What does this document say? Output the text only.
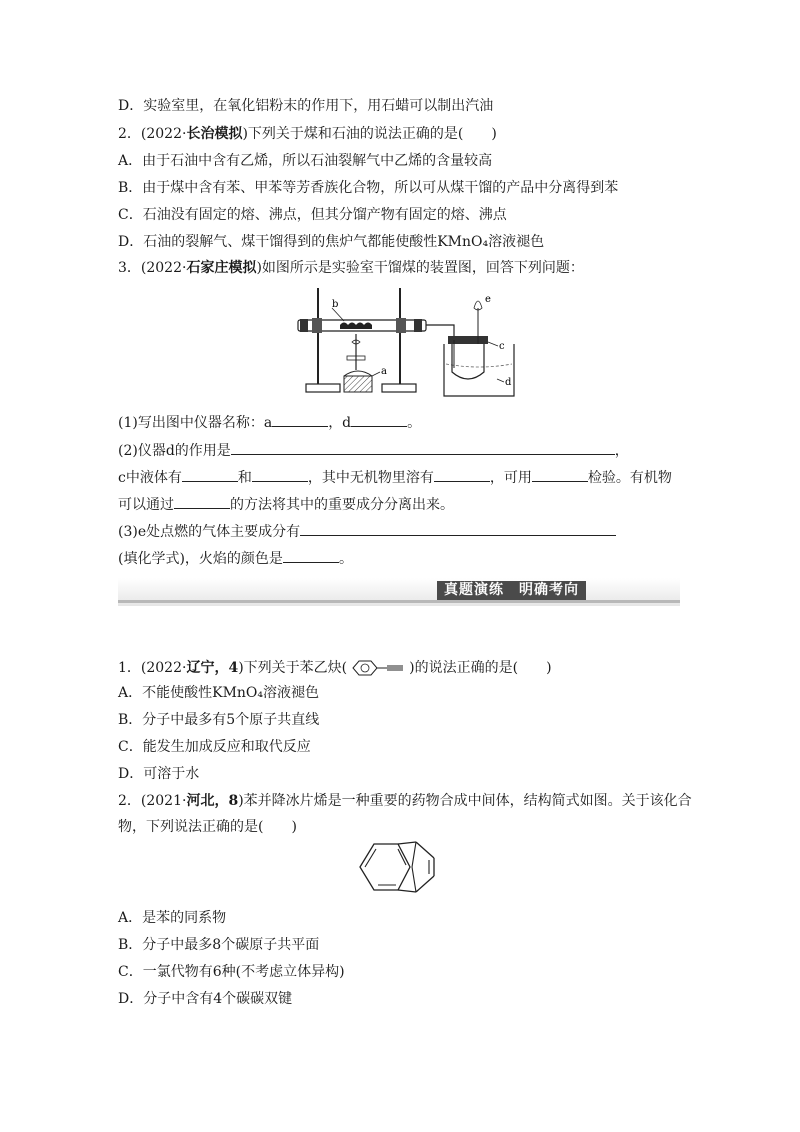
D．实验室里，在氧化铝粉末的作用下，用石蜡可以制出汽油
2．(2022·长治模拟)下列关于煤和石油的说法正确的是(　　)
A．由于石油中含有乙烯，所以石油裂解气中乙烯的含量较高
B．由于煤中含有苯、甲苯等芳香族化合物，所以可从煤干馏的产品中分离得到苯
C．石油没有固定的熔、沸点，但其分馏产物有固定的熔、沸点
D．石油的裂解气、煤干馏得到的焦炉气都能使酸性KMnO₄溶液褪色
3．(2022·石家庄模拟)如图所示是实验室干馏煤的装置图，回答下列问题：
b
a
e
c
d
(1)写出图中仪器名称：a	，d	。
(2)仪器d的作用是	，
c中液体有	和	，其中无机物里溶有	，可用	检验。有机物
可以通过	的方法将其中的重要成分分离出来。
(3)e处点燃的气体主要成分有
(填化学式)，火焰的颜色是	。
真题演练　明确考向
1．(2022·辽宁，4)下列关于苯乙炔(	)的说法正确的是(　　)
A．不能使酸性KMnO₄溶液褪色
B．分子中最多有5个原子共直线
C．能发生加成反应和取代反应
D．可溶于水
2．(2021·河北，8)苯并降冰片烯是一种重要的药物合成中间体，结构简式如图。关于该化合
物，下列说法正确的是(　　)
A．是苯的同系物
B．分子中最多8个碳原子共平面
C．一氯代物有6种(不考虑立体异构)
D．分子中含有4个碳碳双键
